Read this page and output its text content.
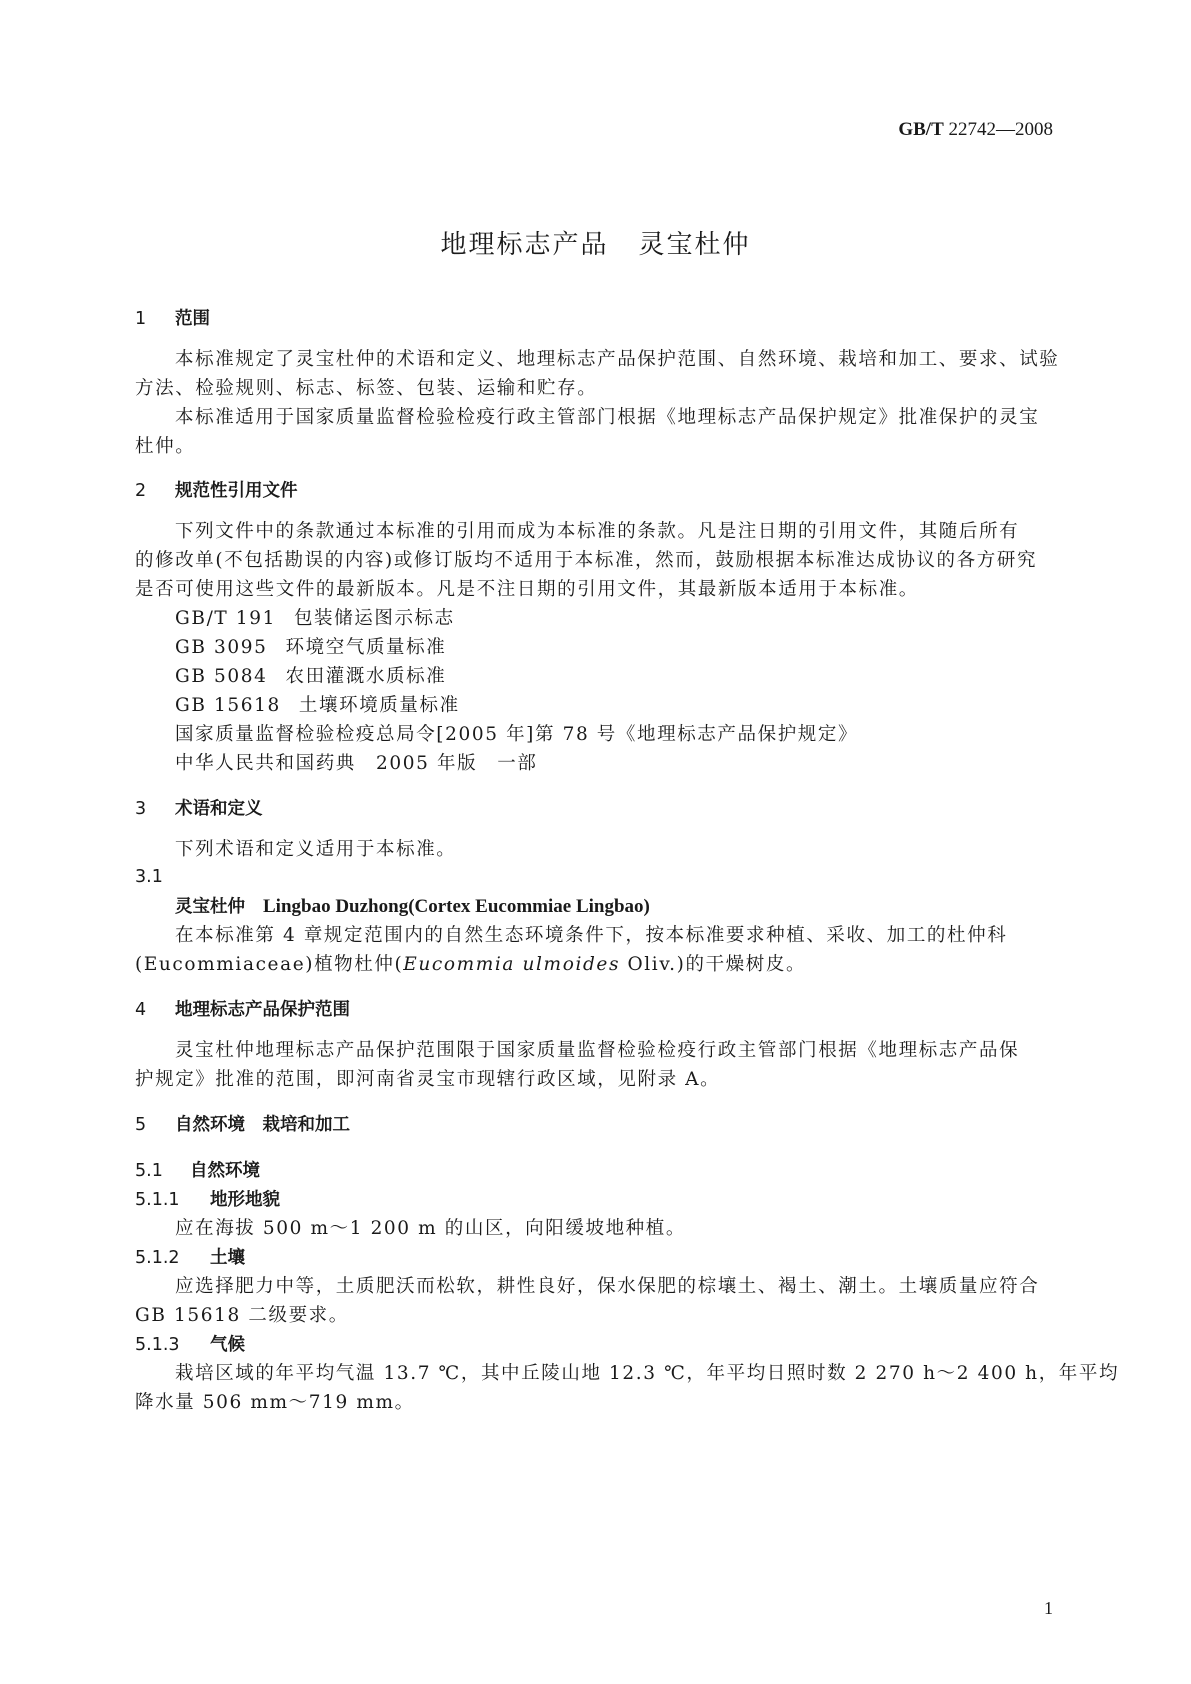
GB/T 22742—2008
地理标志产品 灵宝杜仲
1 范围
本标准规定了灵宝杜仲的术语和定义、地理标志产品保护范围、自然环境、栽培和加工、要求、试验
方法、检验规则、标志、标签、包装、运输和贮存。
本标准适用于国家质量监督检验检疫行政主管部门根据《地理标志产品保护规定》批准保护的灵宝
杜仲。
2 规范性引用文件
下列文件中的条款通过本标准的引用而成为本标准的条款。凡是注日期的引用文件，其随后所有
的修改单(不包括勘误的内容)或修订版均不适用于本标准，然而，鼓励根据本标准达成协议的各方研究
是否可使用这些文件的最新版本。凡是不注日期的引用文件，其最新版本适用于本标准。
GB/T 191 包装储运图示标志
GB 3095 环境空气质量标准
GB 5084 农田灌溉水质标准
GB 15618 土壤环境质量标准
国家质量监督检验检疫总局令[2005 年]第 78 号《地理标志产品保护规定》
中华人民共和国药典　2005 年版　一部
3 术语和定义
下列术语和定义适用于本标准。
3.1
灵宝杜仲 Lingbao Duzhong(Cortex Eucommiae Lingbao)
在本标准第 4 章规定范围内的自然生态环境条件下，按本标准要求种植、采收、加工的杜仲科
(Eucommiaceae)植物杜仲(Eucommia ulmoides Oliv.)的干燥树皮。
4 地理标志产品保护范围
灵宝杜仲地理标志产品保护范围限于国家质量监督检验检疫行政主管部门根据《地理标志产品保
护规定》批准的范围，即河南省灵宝市现辖行政区域，见附录 A。
5 自然环境　栽培和加工
5.1 自然环境
5.1.1 地形地貌
应在海拔 500 m～1 200 m 的山区，向阳缓坡地种植。
5.1.2 土壤
应选择肥力中等，土质肥沃而松软，耕性良好，保水保肥的棕壤土、褐土、潮土。土壤质量应符合
GB 15618 二级要求。
5.1.3 气候
栽培区域的年平均气温 13.7 ℃，其中丘陵山地 12.3 ℃，年平均日照时数 2 270 h～2 400 h，年平均
降水量 506 mm～719 mm。
1
